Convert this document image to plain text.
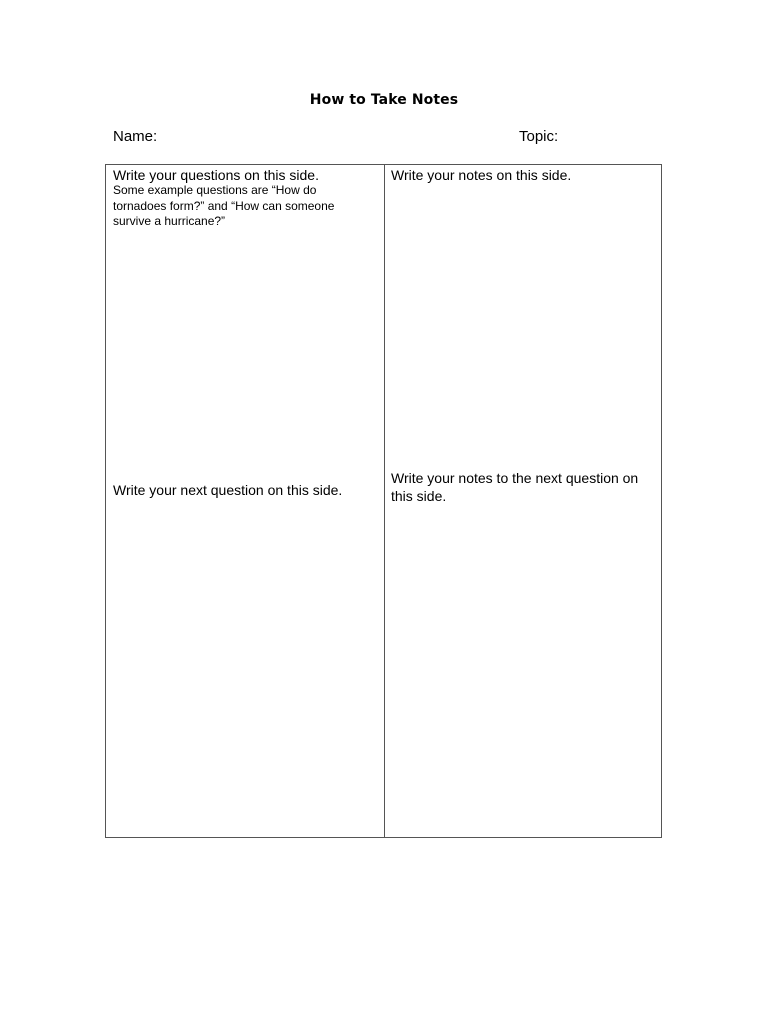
How to Take Notes
Name:	Topic:
Write your questions on this side.
Some example questions are “How do tornadoes form?” and “How can someone survive a hurricane?”
Write your notes on this side.
Write your next question on this side.
Write your notes to the next question on this side.
